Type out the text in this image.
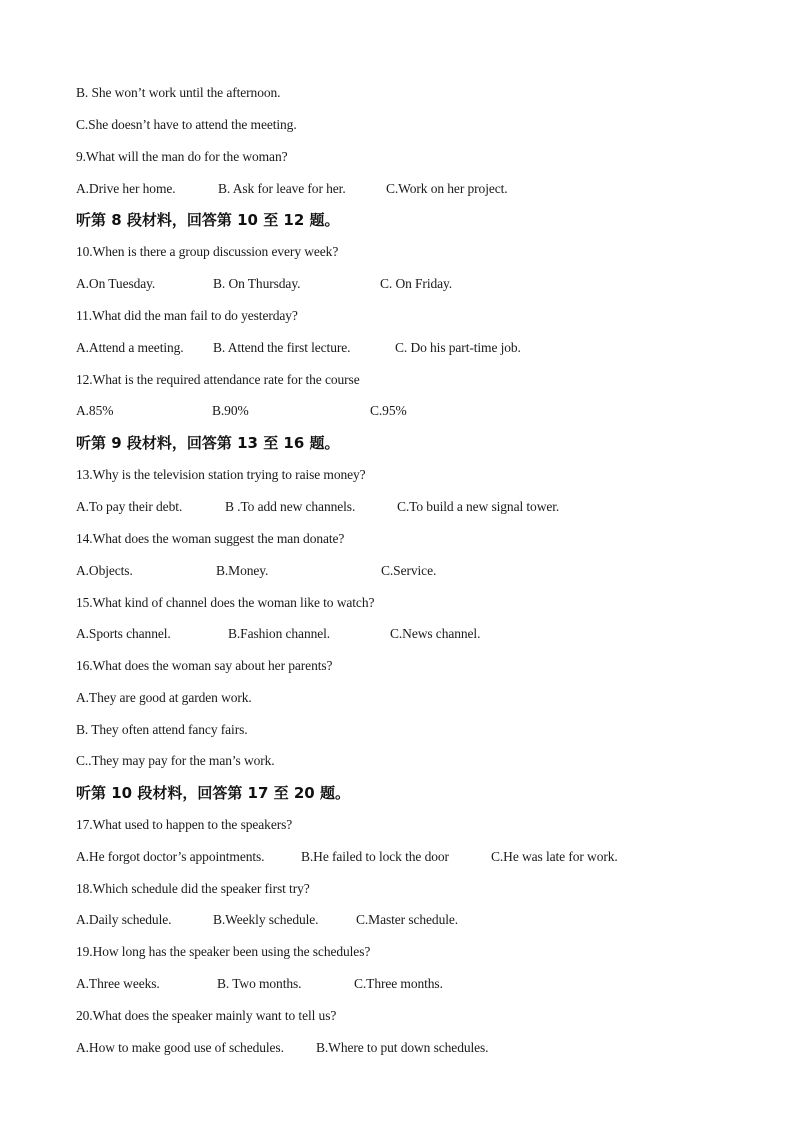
B. She won’t work until the afternoon.
C.She doesn’t have to attend the meeting.
9.What will the man do for the woman?
A.Drive her home.	B. Ask for leave for her.	C.Work on her project.
听第 8 段材料，回答第 10 至 12 题。
10.When is there a group discussion every week?
A.On Tuesday.	B. On Thursday.	C. On Friday.
11.What did the man fail to do yesterday?
A.Attend a meeting. B. Attend the first lecture.	C. Do his part-time job.
12.What is the required attendance rate for the course
A.85%	B.90%	C.95%
听第 9 段材料，回答第 13 至 16 题。
13.Why is the television station trying to raise money?
A.To pay their debt.	B .To add new channels.	C.To build a new signal tower.
14.What does the woman suggest the man donate?
A.Objects.	B.Money.	C.Service.
15.What kind of channel does the woman like to watch?
A.Sports channel.	B.Fashion channel.	C.News channel.
16.What does the woman say about her parents?
A.They are good at garden work.
B. They often attend fancy fairs.
C..They may pay for the man’s work.
听第 10 段材料，回答第 17 至 20 题。
17.What used to happen to the speakers?
A.He forgot doctor’s appointments.	B.He failed to lock the door	C.He was late for work.
18.Which schedule did the speaker first try?
A.Daily schedule.	B.Weekly schedule.	C.Master schedule.
19.How long has the speaker been using the schedules?
A.Three weeks.	B. Two months.	C.Three months.
20.What does the speaker mainly want to tell us?
A.How to make good use of schedules. B.Where to put down schedules.
